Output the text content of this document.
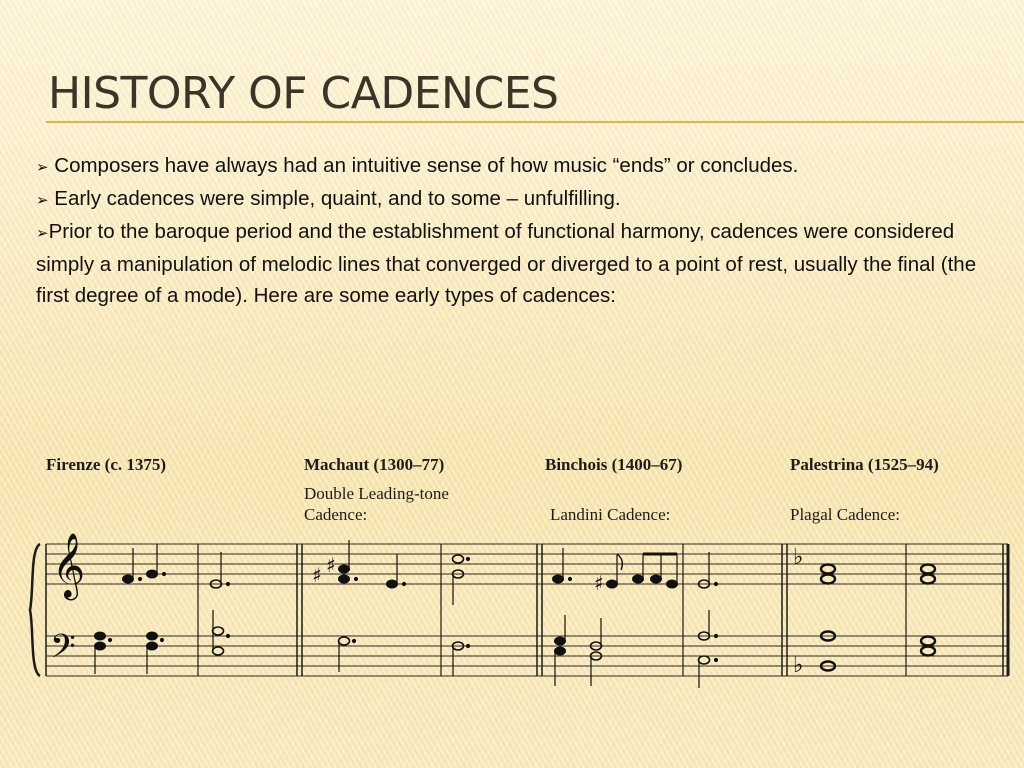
HISTORY OF CADENCES

➢ Composers have always had an intuitive sense of how music “ends” or concludes.

➢ Early cadences were simple, quaint, and to some – unfulfilling.

➢Prior to the baroque period and the establishment of functional harmony, cadences were considered simply a manipulation of melodic lines that converged or diverged to a point of rest, usually the final (the first degree of a mode). Here are some early types of cadences:

Firenze (c. 1375)	Machaut (1300–77)
Double Leading-tone
Cadence:
Binchois (1400–67)
Landini Cadence:
Palestrina (1525–94)
Plagal Cadence:
𝄞
𝄢
♭
♭
♯ ♯
♯
